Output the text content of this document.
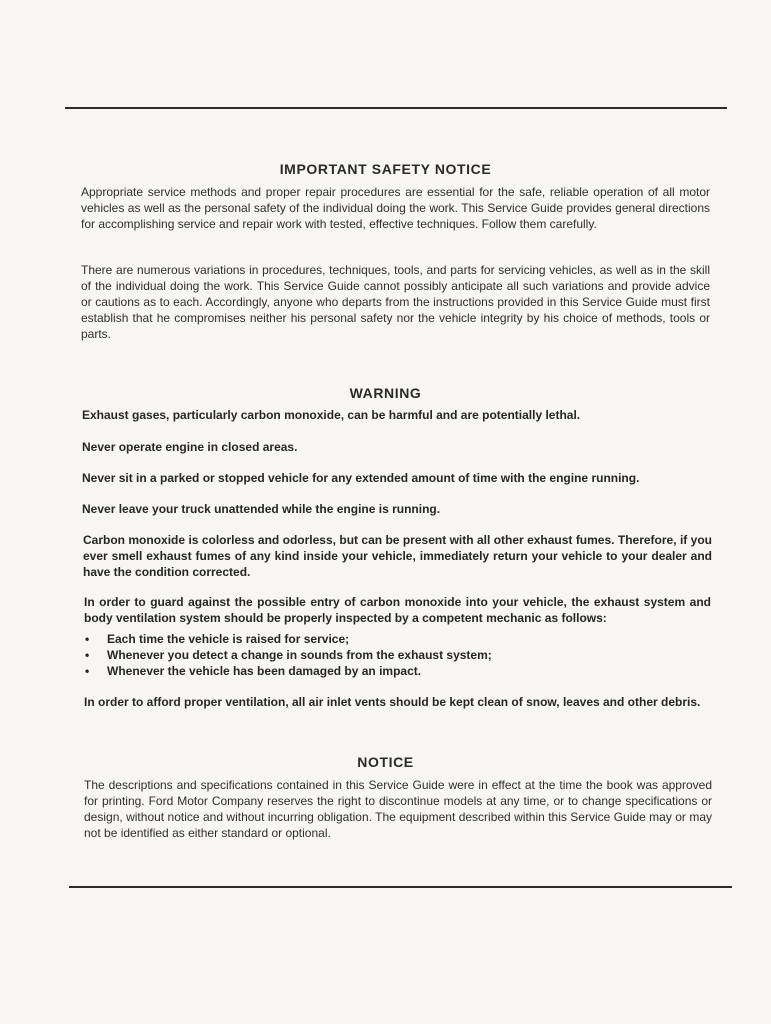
IMPORTANT SAFETY NOTICE
Appropriate service methods and proper repair procedures are essential for the safe, reliable operation of all motor vehicles as well as the personal safety of the individual doing the work. This Service Guide provides general directions for accomplishing service and repair work with tested, effective techniques. Follow them carefully.
There are numerous variations in procedures, techniques, tools, and parts for servicing vehicles, as well as in the skill of the individual doing the work. This Service Guide cannot possibly anticipate all such variations and provide advice or cautions as to each. Accordingly, anyone who departs from the instructions provided in this Service Guide must first establish that he compromises neither his personal safety nor the vehicle integrity by his choice of methods, tools or parts.
WARNING
Exhaust gases, particularly carbon monoxide, can be harmful and are potentially lethal.
Never operate engine in closed areas.
Never sit in a parked or stopped vehicle for any extended amount of time with the engine running.
Never leave your truck unattended while the engine is running.
Carbon monoxide is colorless and odorless, but can be present with all other exhaust fumes. Therefore, if you ever smell exhaust fumes of any kind inside your vehicle, immediately return your vehicle to your dealer and have the condition corrected.
In order to guard against the possible entry of carbon monoxide into your vehicle, the exhaust system and body ventilation system should be properly inspected by a competent mechanic as follows:
• Each time the vehicle is raised for service;
• Whenever you detect a change in sounds from the exhaust system;
• Whenever the vehicle has been damaged by an impact.
In order to afford proper ventilation, all air inlet vents should be kept clean of snow, leaves and other debris.
NOTICE
The descriptions and specifications contained in this Service Guide were in effect at the time the book was approved for printing. Ford Motor Company reserves the right to discontinue models at any time, or to change specifications or design, without notice and without incurring obligation. The equipment described within this Service Guide may or may not be identified as either standard or optional.
